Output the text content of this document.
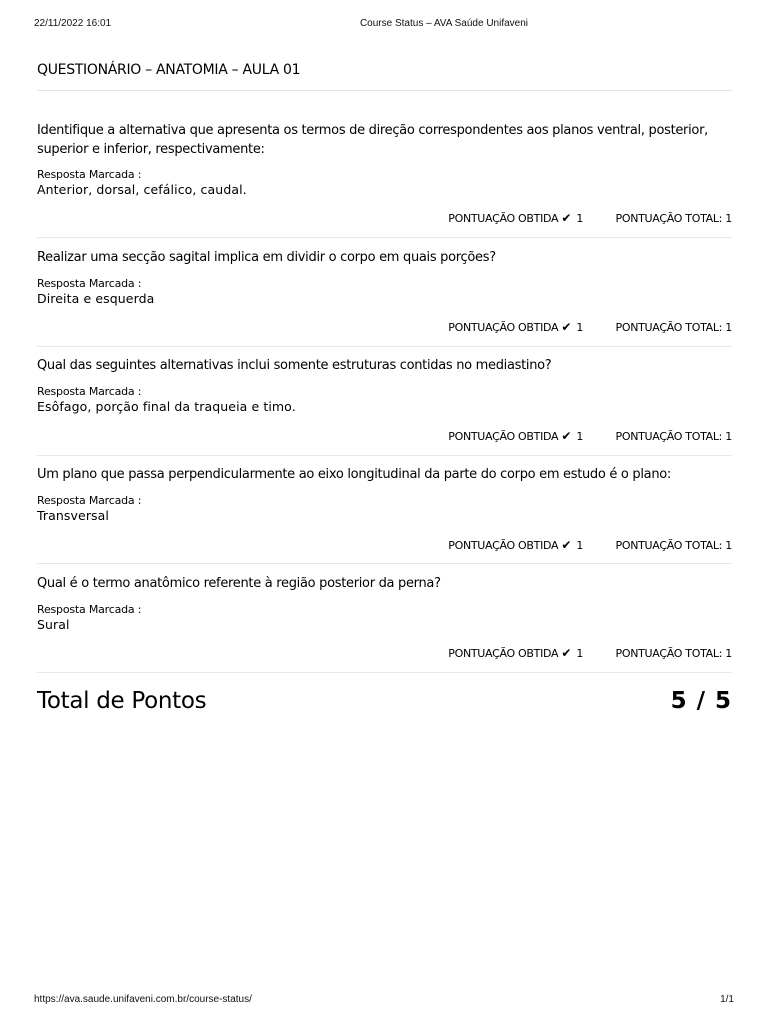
22/11/2022 16:01	Course Status – AVA Saúde Unifaveni
QUESTIONÁRIO – ANATOMIA – AULA 01
Identifique a alternativa que apresenta os termos de direção correspondentes aos planos ventral, posterior, superior e inferior, respectivamente:
Resposta Marcada :
Anterior, dorsal, cefálico, caudal.
PONTUAÇÃO OBTIDA ✔ 1	PONTUAÇÃO TOTAL: 1
Realizar uma secção sagital implica em dividir o corpo em quais porções?
Resposta Marcada :
Direita e esquerda
PONTUAÇÃO OBTIDA ✔ 1	PONTUAÇÃO TOTAL: 1
Qual das seguintes alternativas inclui somente estruturas contidas no mediastino?
Resposta Marcada :
Esôfago, porção final da traqueia e timo.
PONTUAÇÃO OBTIDA ✔ 1	PONTUAÇÃO TOTAL: 1
Um plano que passa perpendicularmente ao eixo longitudinal da parte do corpo em estudo é o plano:
Resposta Marcada :
Transversal
PONTUAÇÃO OBTIDA ✔ 1	PONTUAÇÃO TOTAL: 1
Qual é o termo anatômico referente à região posterior da perna?
Resposta Marcada :
Sural
PONTUAÇÃO OBTIDA ✔ 1	PONTUAÇÃO TOTAL: 1
Total de Pontos	5 / 5
https://ava.saude.unifaveni.com.br/course-status/	1/1
